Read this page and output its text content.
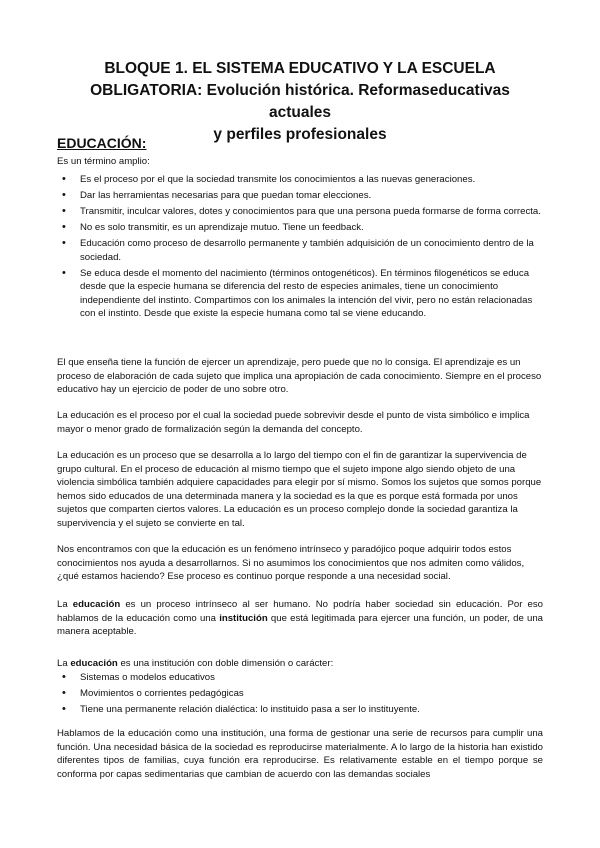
BLOQUE 1. EL SISTEMA EDUCATIVO Y LA ESCUELA
OBLIGATORIA: Evolución histórica. Reformaseducativas actuales
y perfiles profesionales
EDUCACIÓN:

Es un término amplio:

• Es el proceso por el que la sociedad transmite los conocimientos a las nuevas generaciones.
• Dar las herramientas necesarias para que puedan tomar elecciones.
• Transmitir, inculcar valores, dotes y conocimientos para que una persona pueda formarse de forma correcta.
• No es solo transmitir, es un aprendizaje mutuo. Tiene un feedback.
• Educación como proceso de desarrollo permanente y también adquisición de un conocimiento dentro de la sociedad.
• Se educa desde el momento del nacimiento (términos ontogenéticos). En términos filogenéticos se educa desde que la especie humana se diferencia del resto de especies animales, tiene un conocimiento independiente del instinto. Compartimos con los animales la intención del vivir, pero no están relacionadas con el instinto. Desde que existe la especie humana como tal se viene educando.

El que enseña tiene la función de ejercer un aprendizaje, pero puede que no lo consiga. El aprendizaje es un proceso de elaboración de cada sujeto que implica una apropiación de cada conocimiento. Siempre en el proceso educativo hay un ejercicio de poder de uno sobre otro.

La educación es el proceso por el cual la sociedad puede sobrevivir desde el punto de vista simbólico e implica mayor o menor grado de formalización según la demanda del concepto.

La educación es un proceso que se desarrolla a lo largo del tiempo con el fin de garantizar la supervivencia de grupo cultural. En el proceso de educación al mismo tiempo que el sujeto impone algo siendo objeto de una violencia simbólica también adquiere capacidades para elegir por sí mismo. Somos los sujetos que somos porque hemos sido educados de una determinada manera y la sociedad es la que es porque está formada por unos sujetos que comparten ciertos valores. La educación es un proceso complejo donde la sociedad garantiza la supervivencia y el sujeto se convierte en tal.

Nos encontramos con que la educación es un fenómeno intrínseco y paradójico poque adquirir todos estos conocimientos nos ayuda a desarrollarnos. Si no asumimos los conocimientos que nos admiten como válidos, ¿qué estamos haciendo? Ese proceso es continuo porque responde a una necesidad social.

La educación es un proceso intrínseco al ser humano. No podría haber sociedad sin educación. Por eso hablamos de la educación como una institución que está legitimada para ejercer una función, un poder, de una manera aceptable.

La educación es una institución con doble dimensión o carácter:

• Sistemas o modelos educativos
• Movimientos o corrientes pedagógicas
• Tiene una permanente relación dialéctica: lo instituido pasa a ser lo instituyente.

Hablamos de la educación como una institución, una forma de gestionar una serie de recursos para cumplir una función. Una necesidad básica de la sociedad es reproducirse materialmente. A lo largo de la historia han existido diferentes tipos de familias, cuya función era reproducirse. Es relativamente estable en el tiempo porque se conforma por capas sedimentarias que cambian de acuerdo con las demandas sociales
